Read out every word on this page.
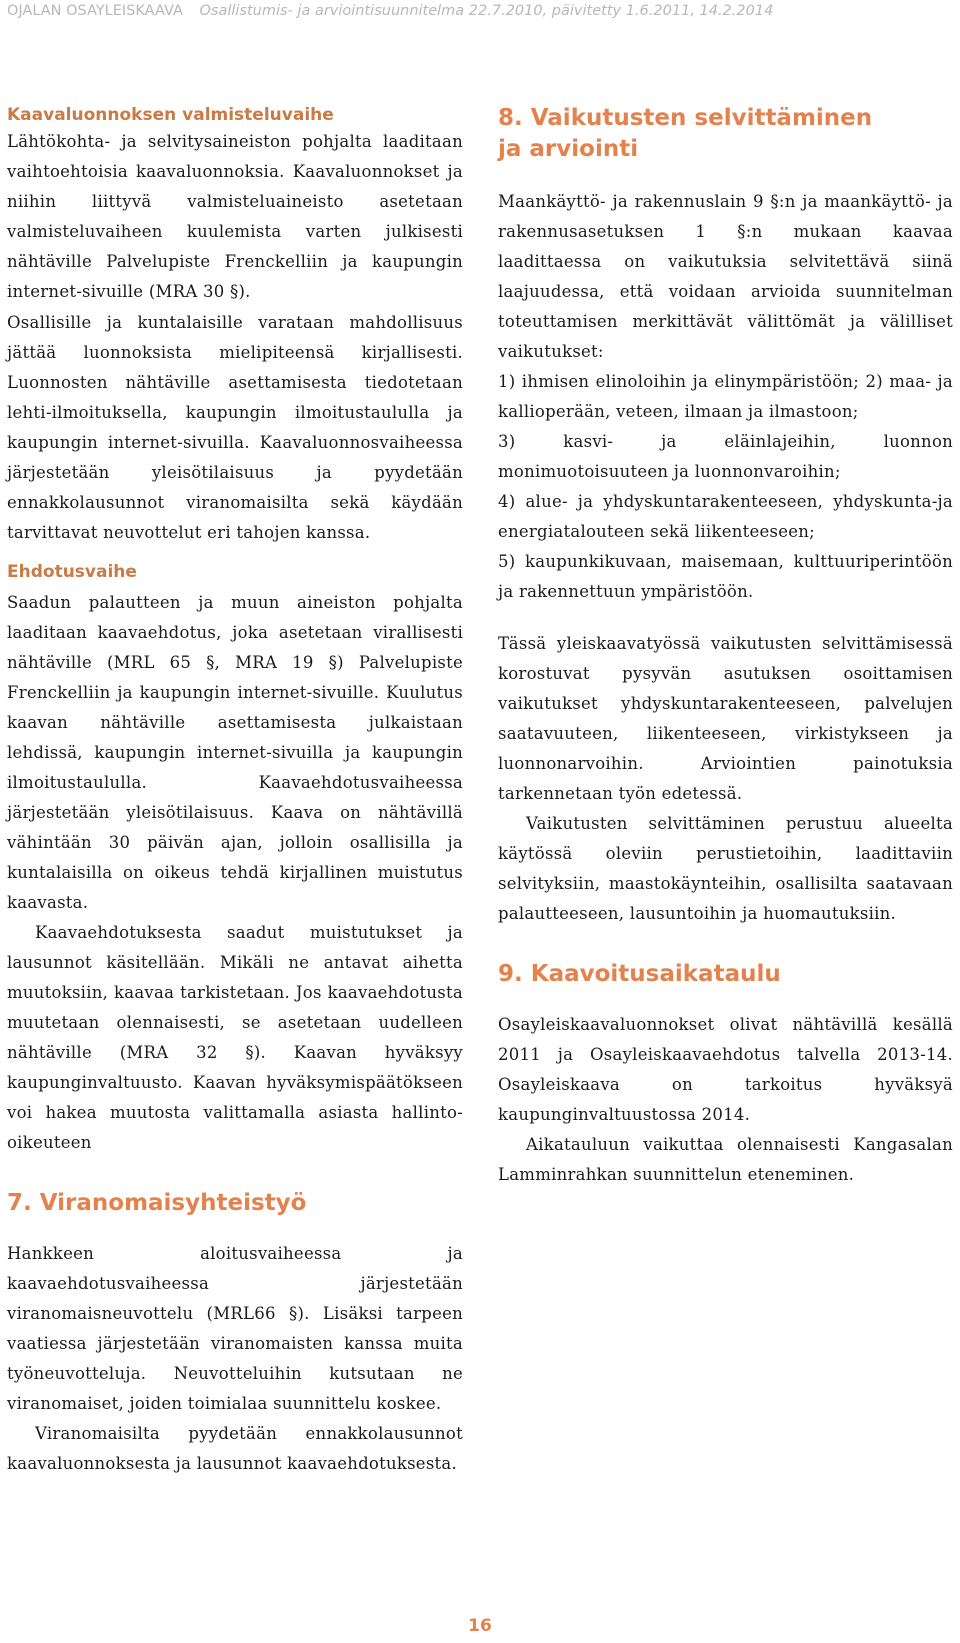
OJALAN OSAYLEISKAAVA Osallistumis- ja arviointisuunnitelma 22.7.2010, päivitetty 1.6.2011, 14.2.2014
Kaavaluonnoksen valmisteluvaihe

Lähtökohta- ja selvitysaineiston pohjalta laaditaan vaihtoehtoisia kaavaluonnoksia. Kaavaluonnokset ja niihin liittyvä valmisteluaineisto asetetaan valmisteluvaiheen kuulemista varten julkisesti nähtäville Palvelupiste Frenckelliin ja kaupungin internet-sivuille (MRA 30 §).

Osallisille ja kuntalaisille varataan mahdollisuus jättää luonnoksista mielipiteensä kirjallisesti. Luonnosten nähtäville asettamisesta tiedotetaan lehti-ilmoituksella, kaupungin ilmoitustaululla ja kaupungin internet-sivuilla. Kaavaluonnosvaiheessa järjestetään yleisötilaisuus ja pyydetään ennakkolausunnot viranomaisilta sekä käydään tarvittavat neuvottelut eri tahojen kanssa.

Ehdotusvaihe

Saadun palautteen ja muun aineiston pohjalta laaditaan kaavaehdotus, joka asetetaan virallisesti nähtäville (MRL 65 §, MRA 19 §) Palvelupiste Frenckelliin ja kaupungin internet-sivuille. Kuulutus kaavan nähtäville asettamisesta julkaistaan lehdissä, kaupungin internet-sivuilla ja kaupungin ilmoitustaululla. Kaavaehdotusvaiheessa järjestetään yleisötilaisuus. Kaava on nähtävillä vähintään 30 päivän ajan, jolloin osallisilla ja kuntalaisilla on oikeus tehdä kirjallinen muistutus kaavasta.

Kaavaehdotuksesta saadut muistutukset ja lausunnot käsitellään. Mikäli ne antavat aihetta muutoksiin, kaavaa tarkistetaan. Jos kaavaehdotusta muutetaan olennaisesti, se asetetaan uudelleen nähtäville (MRA 32 §). Kaavan hyväksyy kaupunginvaltuusto. Kaavan hyväksymispäätökseen voi hakea muutosta valittamalla asiasta hallinto-oikeuteen

7. Viranomaisyhteistyö

Hankkeen aloitusvaiheessa ja kaavaehdotusvaiheessa järjestetään viranomaisneuvottelu (MRL66 §). Lisäksi tarpeen vaatiessa järjestetään viranomaisten kanssa muita työneuvotteluja. Neuvotteluihin kutsutaan ne viranomaiset, joiden toimialaa suunnittelu koskee.

Viranomaisilta pyydetään ennakkolausunnot kaavaluonnoksesta ja lausunnot kaavaehdotuksesta.

8. Vaikutusten selvittäminen ja arviointi

Maankäyttö- ja rakennuslain 9 §:n ja maankäyttö- ja rakennusasetuksen 1 §:n mukaan kaavaa laadittaessa on vaikutuksia selvitettävä siinä laajuudessa, että voidaan arvioida suunnitelman toteuttamisen merkittävät välittömät ja välilliset vaikutukset:

1) ihmisen elinoloihin ja elinympäristöön; 2) maa- ja kallioperään, veteen, ilmaan ja ilmastoon;

3) kasvi- ja eläinlajeihin, luonnon monimuotoisuuteen ja luonnonvaroihin;

4) alue- ja yhdyskuntarakenteeseen, yhdyskunta-ja energiatalouteen sekä liikenteeseen;

5) kaupunkikuvaan, maisemaan, kulttuuriperintöön ja rakennettuun ympäristöön.

Tässä yleiskaavatyössä vaikutusten selvittämisessä korostuvat pysyvän asutuksen osoittamisen vaikutukset yhdyskuntarakenteeseen, palvelujen saatavuuteen, liikenteeseen, virkistykseen ja luonnonarvoihin. Arviointien painotuksia tarkennetaan työn edetessä.

Vaikutusten selvittäminen perustuu alueelta käytössä oleviin perustietoihin, laadittaviin selvityksiin, maastokäynteihin, osallisilta saatavaan palautteeseen, lausuntoihin ja huomautuksiin.

9. Kaavoitusaikataulu

Osayleiskaavaluonnokset olivat nähtävillä kesällä 2011 ja Osayleiskaavaehdotus talvella 2013-14. Osayleiskaava on tarkoitus hyväksyä kaupunginvaltuustossa 2014.

Aikatauluun vaikuttaa olennaisesti Kangasalan Lamminrahkan suunnittelun eteneminen.

16
